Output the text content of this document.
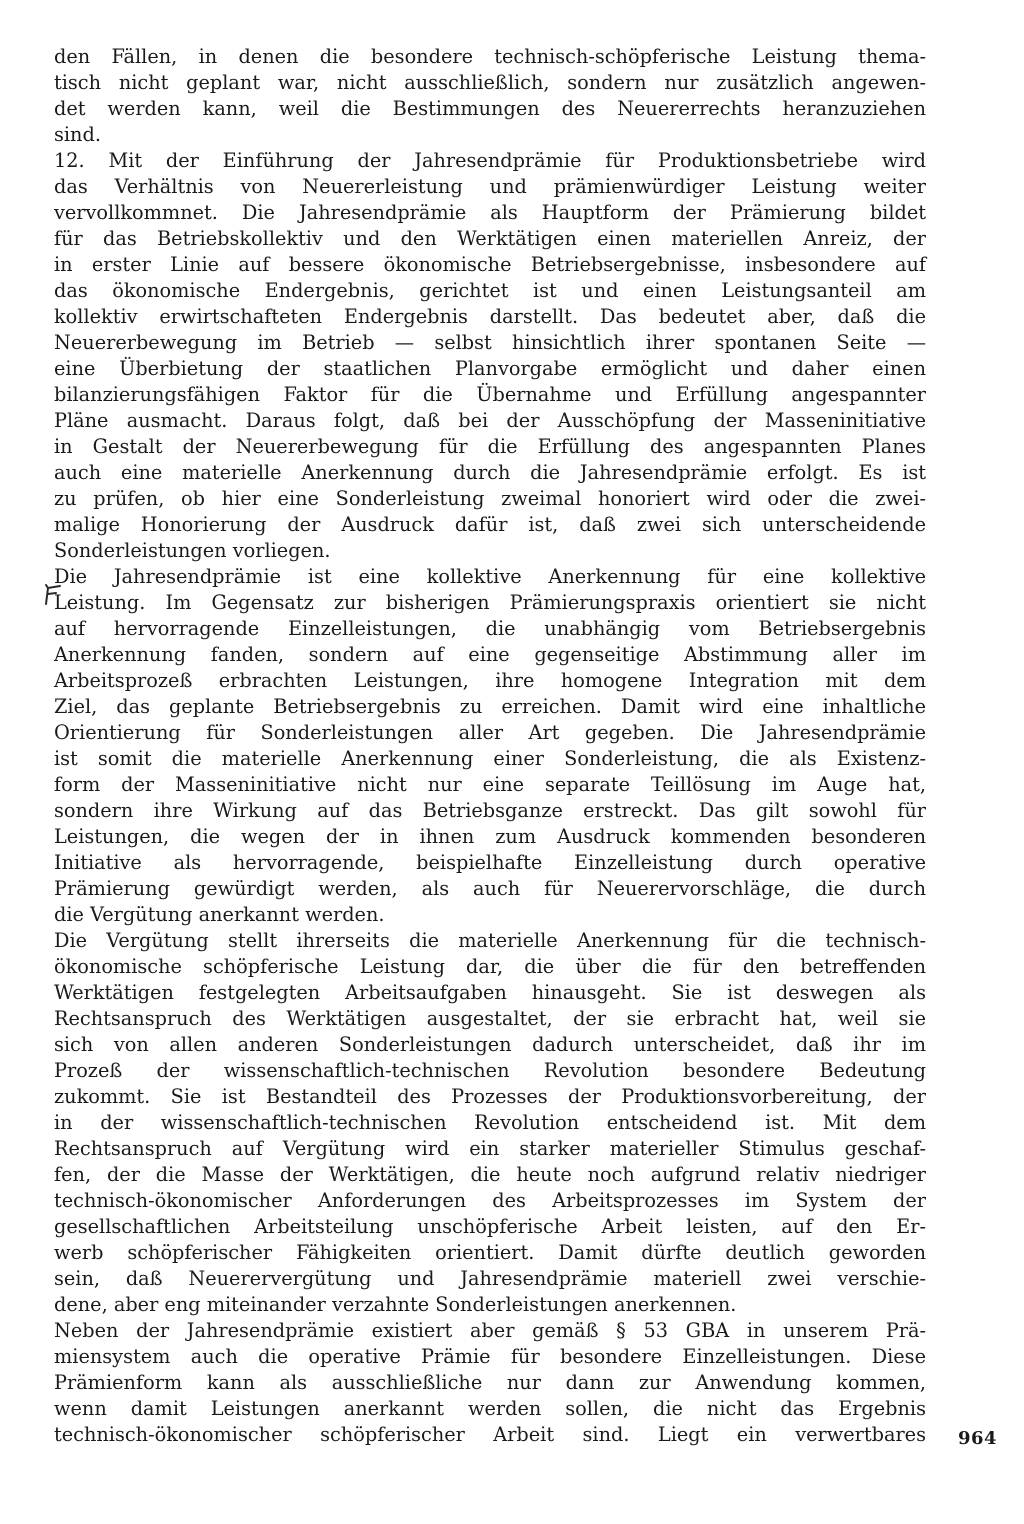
den Fällen, in denen die besondere technisch-schöpferische Leistung thema-
tisch nicht geplant war, nicht ausschließlich, sondern nur zusätzlich angewen-
det werden kann, weil die Bestimmungen des Neuererrechts heranzuziehen
sind.
12. Mit der Einführung der Jahresendprämie für Produktionsbetriebe wird
das Verhältnis von Neuererleistung und prämienwürdiger Leistung weiter
vervollkommnet. Die Jahresendprämie als Hauptform der Prämierung bildet
für das Betriebskollektiv und den Werktätigen einen materiellen Anreiz, der
in erster Linie auf bessere ökonomische Betriebsergebnisse, insbesondere auf
das ökonomische Endergebnis, gerichtet ist und einen Leistungsanteil am
kollektiv erwirtschafteten Endergebnis darstellt. Das bedeutet aber, daß die
Neuererbewegung im Betrieb — selbst hinsichtlich ihrer spontanen Seite —
eine Überbietung der staatlichen Planvorgabe ermöglicht und daher einen
bilanzierungsfähigen Faktor für die Übernahme und Erfüllung angespannter
Pläne ausmacht. Daraus folgt, daß bei der Ausschöpfung der Masseninitiative
in Gestalt der Neuererbewegung für die Erfüllung des angespannten Planes
auch eine materielle Anerkennung durch die Jahresendprämie erfolgt. Es ist
zu prüfen, ob hier eine Sonderleistung zweimal honoriert wird oder die zwei-
malige Honorierung der Ausdruck dafür ist, daß zwei sich unterscheidende
Sonderleistungen vorliegen.
Die Jahresendprämie ist eine kollektive Anerkennung für eine kollektive
Leistung. Im Gegensatz zur bisherigen Prämierungspraxis orientiert sie nicht
auf hervorragende Einzelleistungen, die unabhängig vom Betriebsergebnis
Anerkennung fanden, sondern auf eine gegenseitige Abstimmung aller im
Arbeitsprozeß erbrachten Leistungen, ihre homogene Integration mit dem
Ziel, das geplante Betriebsergebnis zu erreichen. Damit wird eine inhaltliche
Orientierung für Sonderleistungen aller Art gegeben. Die Jahresendprämie
ist somit die materielle Anerkennung einer Sonderleistung, die als Existenz-
form der Masseninitiative nicht nur eine separate Teillösung im Auge hat,
sondern ihre Wirkung auf das Betriebsganze erstreckt. Das gilt sowohl für
Leistungen, die wegen der in ihnen zum Ausdruck kommenden besonderen
Initiative als hervorragende, beispielhafte Einzelleistung durch operative
Prämierung gewürdigt werden, als auch für Neuerervorschläge, die durch
die Vergütung anerkannt werden.
Die Vergütung stellt ihrerseits die materielle Anerkennung für die technisch-
ökonomische schöpferische Leistung dar, die über die für den betreffenden
Werktätigen festgelegten Arbeitsaufgaben hinausgeht. Sie ist deswegen als
Rechtsanspruch des Werktätigen ausgestaltet, der sie erbracht hat, weil sie
sich von allen anderen Sonderleistungen dadurch unterscheidet, daß ihr im
Prozeß der wissenschaftlich-technischen Revolution besondere Bedeutung
zukommt. Sie ist Bestandteil des Prozesses der Produktionsvorbereitung, der
in der wissenschaftlich-technischen Revolution entscheidend ist. Mit dem
Rechtsanspruch auf Vergütung wird ein starker materieller Stimulus geschaf-
fen, der die Masse der Werktätigen, die heute noch aufgrund relativ niedriger
technisch-ökonomischer Anforderungen des Arbeitsprozesses im System der
gesellschaftlichen Arbeitsteilung unschöpferische Arbeit leisten, auf den Er-
werb schöpferischer Fähigkeiten orientiert. Damit dürfte deutlich geworden
sein, daß Neuerervergütung und Jahresendprämie materiell zwei verschie-
dene, aber eng miteinander verzahnte Sonderleistungen anerkennen.
Neben der Jahresendprämie existiert aber gemäß § 53 GBA in unserem Prä-
miensystem auch die operative Prämie für besondere Einzelleistungen. Diese
Prämienform kann als ausschließliche nur dann zur Anwendung kommen,
wenn damit Leistungen anerkannt werden sollen, die nicht das Ergebnis
technisch-ökonomischer schöpferischer Arbeit sind. Liegt ein verwertbares 964
